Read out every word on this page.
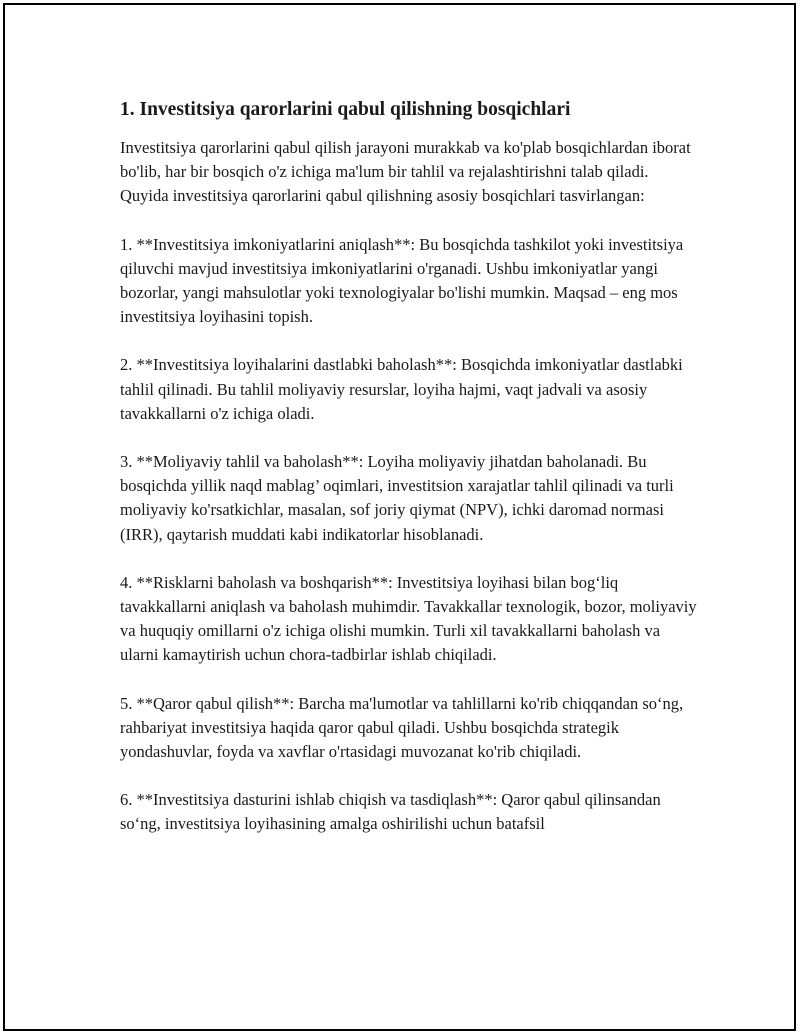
1. Investitsiya qarorlarini qabul qilishning bosqichlari

Investitsiya qarorlarini qabul qilish jarayoni murakkab va ko'plab bosqichlardan iborat bo'lib, har bir bosqich o'z ichiga ma'lum bir tahlil va rejalashtirishni talab qiladi. Quyida investitsiya qarorlarini qabul qilishning asosiy bosqichlari tasvirlangan:

1. **Investitsiya imkoniyatlarini aniqlash**: Bu bosqichda tashkilot yoki investitsiya qiluvchi mavjud investitsiya imkoniyatlarini o'rganadi. Ushbu imkoniyatlar yangi bozorlar, yangi mahsulotlar yoki texnologiyalar bo'lishi mumkin. Maqsad – eng mos investitsiya loyihasini topish.

2. **Investitsiya loyihalarini dastlabki baholash**: Bosqichda imkoniyatlar dastlabki tahlil qilinadi. Bu tahlil moliyaviy resurslar, loyiha hajmi, vaqt jadvali va asosiy tavakkallarni o'z ichiga oladi.

3. **Moliyaviy tahlil va baholash**: Loyiha moliyaviy jihatdan baholanadi. Bu bosqichda yillik naqd mablag’ oqimlari, investitsion xarajatlar tahlil qilinadi va turli moliyaviy ko'rsatkichlar, masalan, sof joriy qiymat (NPV), ichki daromad normasi (IRR), qaytarish muddati kabi indikatorlar hisoblanadi.

4. **Risklarni baholash va boshqarish**: Investitsiya loyihasi bilan bog‘liq tavakkallarni aniqlash va baholash muhimdir. Tavakkallar texnologik, bozor, moliyaviy va huquqiy omillarni o'z ichiga olishi mumkin. Turli xil tavakkallarni baholash va ularni kamaytirish uchun chora-tadbirlar ishlab chiqiladi.

5. **Qaror qabul qilish**: Barcha ma'lumotlar va tahlillarni ko'rib chiqqandan so‘ng, rahbariyat investitsiya haqida qaror qabul qiladi. Ushbu bosqichda strategik yondashuvlar, foyda va xavflar o'rtasidagi muvozanat ko'rib chiqiladi.

6. **Investitsiya dasturini ishlab chiqish va tasdiqlash**: Qaror qabul qilinsandan so‘ng, investitsiya loyihasining amalga oshirilishi uchun batafsil
